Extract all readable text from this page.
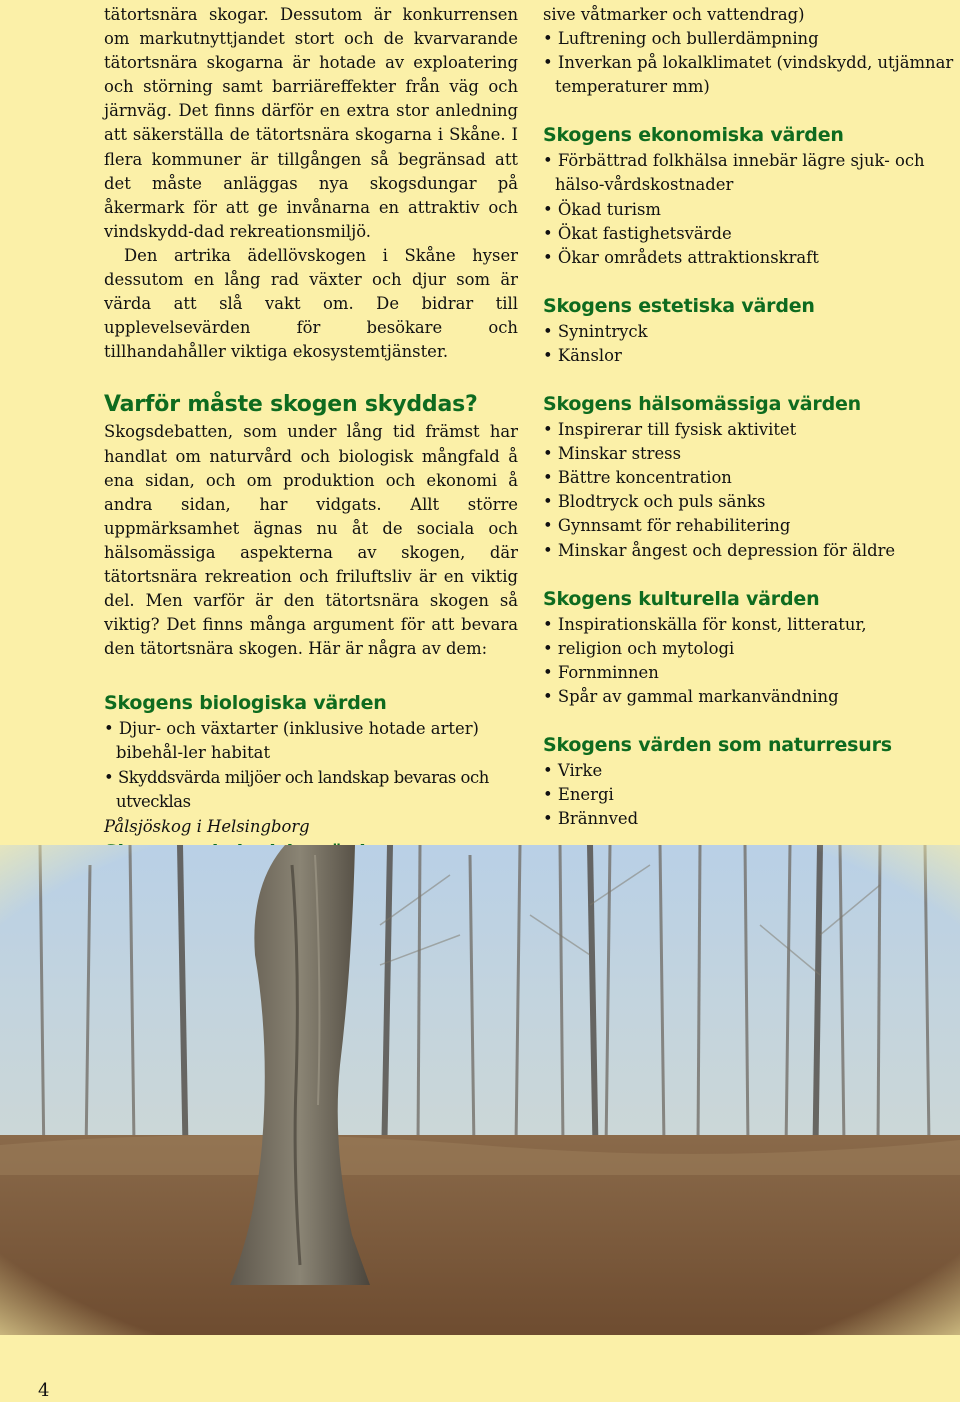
tätortsnära skogar. Dessutom är konkurrensen om markutnyttjandet stort och de kvarvarande tätortsnära skogarna är hotade av exploatering och störning samt barriäreffekter från väg och järnväg. Det finns därför en extra stor anledning att säkerställa de tätortsnära skogarna i Skåne. I flera kommuner är tillgången så begränsad att det måste anläggas nya skogsdungar på åkermark för att ge invånarna en attraktiv och vindskydd-dad rekreationsmiljö.

Den artrika ädellövskogen i Skåne hyser dessutom en lång rad växter och djur som är värda att slå vakt om. De bidrar till upplevelsevärden för besökare och tillhandahåller viktiga ekosystemtjänster.

Varför måste skogen skyddas?

Skogsdebatten, som under lång tid främst har handlat om naturvård och biologisk mångfald å ena sidan, och om produktion och ekonomi å andra sidan, har vidgats. Allt större uppmärksamhet ägnas nu åt de sociala och hälsomässiga aspekterna av skogen, där tätortsnära rekreation och friluftsliv är en viktig del. Men varför är den tätortsnära skogen så viktig? Det finns många argument för att bevara den tätortsnära skogen. Här är några av dem:

Skogens biologiska värden
• Djur- och växtarter (inklusive hotade arter) bibehål-ler habitat
• Skyddsvärda miljöer och landskap bevaras och utvecklas
•
sive våtmarker och vattendrag)
• Luftrening och bullerdämpning
• Inverkan på lokalklimatet (vindskydd, utjämnar temperaturer mm)
Skogens ekonomiska värden
• Förbättrad folkhälsa innebär lägre sjuk- och hälso-vårdskostnader
• Ökad turism
• Ökat fastighetsvärde
• Ökar områdets attraktionskraft
Skogens estetiska värden
• Synintryck
• Känslor
Skogens hälsomässiga värden
• Inspirerar till fysisk aktivitet
• Minskar stress
• Bättre koncentration
• Blodtryck och puls sänks
• Gynnsamt för rehabilitering
• Minskar ångest och depression för äldre
Skogens kulturella värden
• Inspirationskälla för konst, litteratur,
• religion och mytologi
• Fornminnen
• Spår av gammal markanvändning
Skogens värden som naturresurs
• Virke
• Energi
• Brännved
Pålsjöskog i Helsingborg
4
